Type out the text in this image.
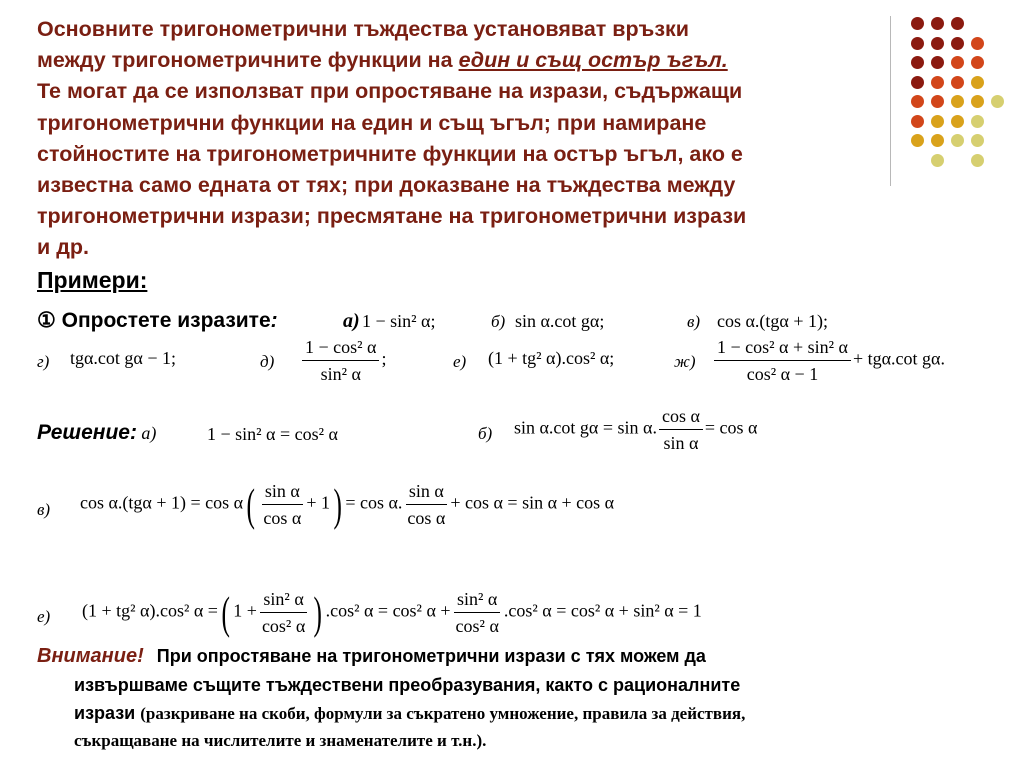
Основните тригонометрични тъждества установяват връзки
между тригонометричните функции на един и същ остър ъгъл.
Те могат да се използват при опростяване на изрази, съдържащи
тригонометрични функции на един и същ ъгъл; при намиране
стойностите на тригонометричните функции на остър ъгъл, ако е
известна само едната от тях; при доказване на тъждества между
тригонометрични изрази; пресмятане на тригонометрични изрази
и др.
Примери:
① Опростете изразите:	а) 1 − sin² α;	б) sin α.cot gα;	в) cos α.(tgα + 1);
г) tgα.cot gα − 1;	$д) \frac{\text{1 − cos² α}}{\text{sin² α}}$ ;	е) (1 + tg² α).cos² α;	$ж) \frac{\text{1 − cos² α + sin² α}}{\text{cos² α − 1}} + tg\alpha.\cot$ gα.
Решение: а)	1 − sin² α = cos² α	б) sin α.cot gα = sin α. $\frac{\text{cos α}}{\text{sin α}} = \cos \alpha$
в) $\cos \alpha.(tg\alpha + 1) = \cos \alpha( \frac{\text{sin α}}{\text{cos α}} + 1) = \cos \alpha$. $\frac{\text{sin α}}{\text{cos α}} + \cos \alpha = \sin \alpha + \cos \alpha$
е) (1 + tg² α).cos² α =( $1 + \frac{\text{sin² α}}{\text{cos² α}}$ ) .cos² α = cos² $\alpha + \frac{\text{sin² α}}{\text{cos² α}} .\cos^2$ α = cos² α + sin² α = 1
Внимание! При опростяване на тригонометрични изрази с тях можем да
извършваме същите тъждествени преобразувания, както с рационалните
изрази (разкриване на скоби, формули за съкратено умножение, правила за действия,
съкращаване на числителите и знаменателите и т.н.).
